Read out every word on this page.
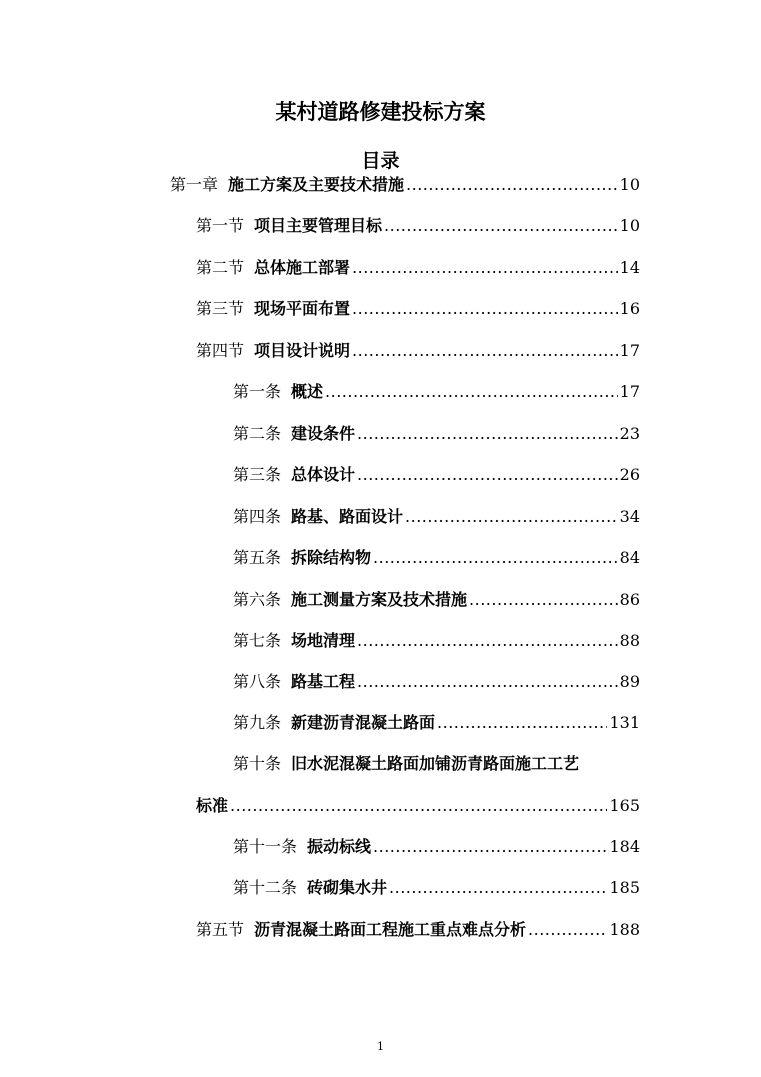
某村道路修建投标方案
目录
第一章 施工方案及主要技术措施 .....	10
第一节 项目主要管理目标 .....	10
第二节 总体施工部署 .....	14
第三节 现场平面布置 .....	16
第四节 项目设计说明 .....	17
第一条 概述 .....	17
第二条 建设条件 .....	23
第三条 总体设计 .....	26
第四条 路基、路面设计 .....	34
第五条 拆除结构物 .....	84
第六条 施工测量方案及技术措施 .....	86
第七条 场地清理 .....	88
第八条 路基工程 .....	89
第九条 新建沥青混凝土路面 .....	131
第十条 旧水泥混凝土路面加铺沥青路面施工工艺
标准 .....	165
第十一条 振动标线 .....	184
第十二条 砖砌集水井 .....	185
第五节 沥青混凝土路面工程施工重点难点分析 .....	188
1
